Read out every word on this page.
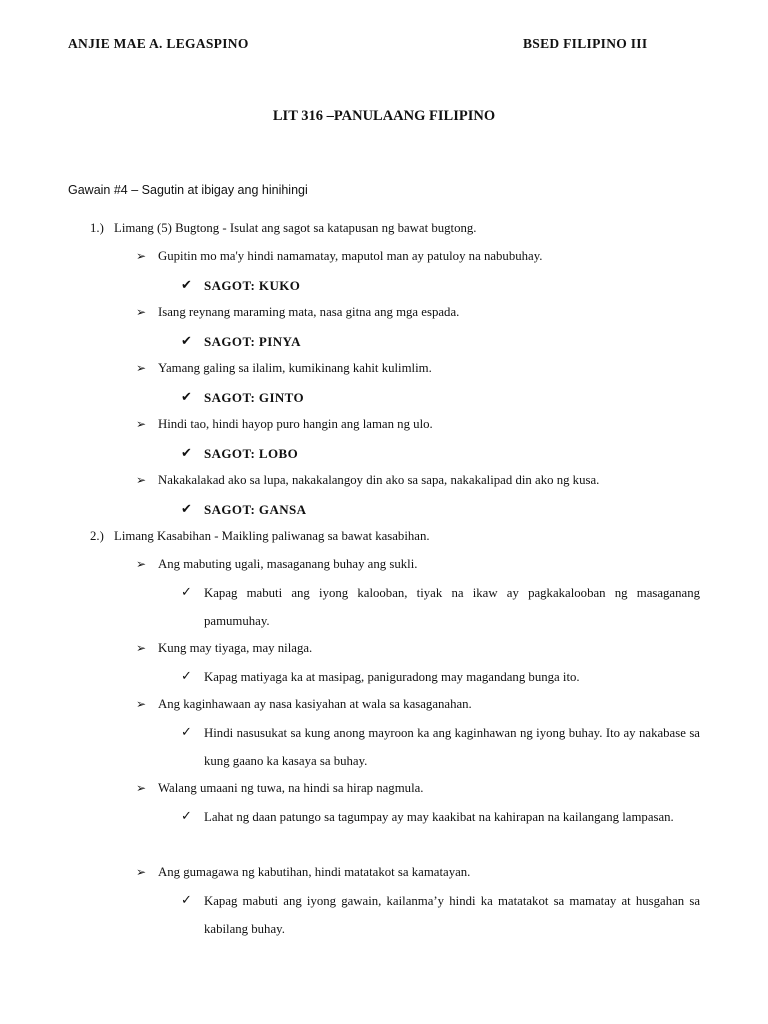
ANJIE MAE A. LEGASPINO	BSED FILIPINO III
LIT 316 –PANULAANG FILIPINO
Gawain #4 – Sagutin at ibigay ang hinihingi
1.) Limang (5) Bugtong - Isulat ang sagot sa katapusan ng bawat bugtong.
➢ Gupitin mo ma'y hindi namamatay, maputol man ay patuloy na nabubuhay.
✔ SAGOT: KUKO
➢ Isang reynang maraming mata, nasa gitna ang mga espada.
✔ SAGOT: PINYA
➢ Yamang galing sa ilalim, kumikinang kahit kulimlim.
✔ SAGOT: GINTO
➢ Hindi tao, hindi hayop puro hangin ang laman ng ulo.
✔ SAGOT: LOBO
➢ Nakakalakad ako sa lupa, nakakalangoy din ako sa sapa, nakakalipad din ako ng kusa.
✔ SAGOT: GANSA
2.) Limang Kasabihan - Maikling paliwanag sa bawat kasabihan.
➢ Ang mabuting ugali, masaganang buhay ang sukli.
✓ Kapag mabuti ang iyong kalooban, tiyak na ikaw ay pagkakalooban ng masaganang pamumuhay.
➢ Kung may tiyaga, may nilaga.
✓ Kapag matiyaga ka at masipag, paniguradong may magandang bunga ito.
➢ Ang kaginhawaan ay nasa kasiyahan at wala sa kasaganahan.
✓ Hindi nasusukat sa kung anong mayroon ka ang kaginhawan ng iyong buhay. Ito ay nakabase sa kung gaano ka kasaya sa buhay.
➢ Walang umaani ng tuwa, na hindi sa hirap nagmula.
✓ Lahat ng daan patungo sa tagumpay ay may kaakibat na kahirapan na kailangang lampasan.
➢ Ang gumagawa ng kabutihan, hindi matatakot sa kamatayan.
✓ Kapag mabuti ang iyong gawain, kailanma’y hindi ka matatakot sa mamatay at husgahan sa kabilang buhay.
